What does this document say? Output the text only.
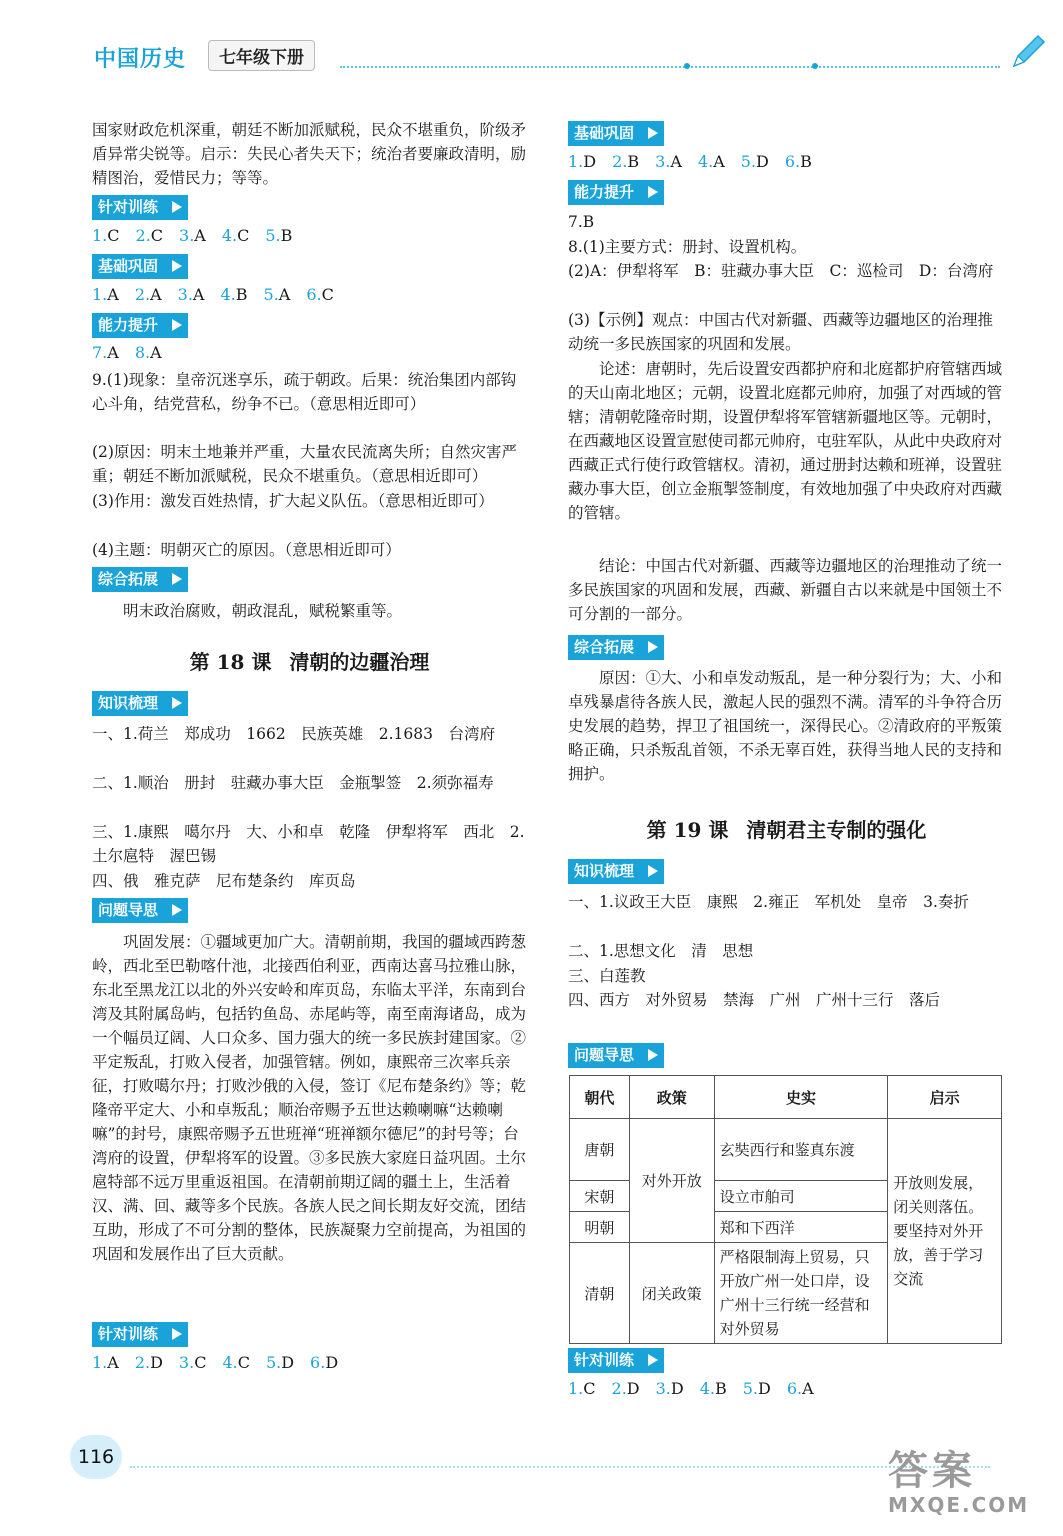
中国历史	七年级下册
国家财政危机深重，朝廷不断加派赋税，民众不堪重负，阶级矛盾异常尖锐等。启示：失民心者失天下；统治者要廉政清明，励精图治，爱惜民力；等等。
针对训练
1.C 2.C 3.A 4.C 5.B
基础巩固
1.A 2.A 3.A 4.B 5.A 6.C
能力提升
7.A 8.A
9.(1)现象：皇帝沉迷享乐，疏于朝政。后果：统治集团内部钩心斗角，结党营私，纷争不已。（意思相近即可）
(2)原因：明末土地兼并严重，大量农民流离失所；自然灾害严重；朝廷不断加派赋税，民众不堪重负。（意思相近即可）
(3)作用：激发百姓热情，扩大起义队伍。（意思相近即可）
(4)主题：明朝灭亡的原因。（意思相近即可）
综合拓展
明末政治腐败，朝政混乱，赋税繁重等。
第 18 课 清朝的边疆治理
知识梳理
一、1.荷兰　郑成功　1662　民族英雄　2.1683　台湾府
二、1.顺治　册封　驻藏办事大臣　金瓶掣签　2.须弥福寿
三、1.康熙　噶尔丹　大、小和卓　乾隆　伊犁将军　西北　2.土尔扈特　渥巴锡
四、俄　雅克萨　尼布楚条约　库页岛
问题导思
巩固发展：①疆域更加广大。清朝前期，我国的疆域西跨葱岭，西北至巴勒喀什池，北接西伯利亚，西南达喜马拉雅山脉，东北至黑龙江以北的外兴安岭和库页岛，东临太平洋，东南到台湾及其附属岛屿，包括钓鱼岛、赤尾屿等，南至南海诸岛，成为一个幅员辽阔、人口众多、国力强大的统一多民族封建国家。②平定叛乱，打败入侵者，加强管辖。例如，康熙帝三次率兵亲征，打败噶尔丹；打败沙俄的入侵，签订《尼布楚条约》等；乾隆帝平定大、小和卓叛乱；顺治帝赐予五世达赖喇嘛“达赖喇嘛”的封号，康熙帝赐予五世班禅“班禅额尔德尼”的封号等；台湾府的设置，伊犁将军的设置。③多民族大家庭日益巩固。土尔扈特部不远万里重返祖国。在清朝前期辽阔的疆土上，生活着汉、满、回、藏等多个民族。各族人民之间长期友好交流，团结互助，形成了不可分割的整体，民族凝聚力空前提高，为祖国的巩固和发展作出了巨大贡献。
针对训练
1.A 2.D 3.C 4.C 5.D 6.D
基础巩固
1.D 2.B 3.A 4.A 5.D 6.B
能力提升
7.B
8.(1)主要方式：册封、设置机构。
(2)A：伊犁将军　B：驻藏办事大臣　C：巡检司　D：台湾府
(3)【示例】观点：中国古代对新疆、西藏等边疆地区的治理推动统一多民族国家的巩固和发展。
论述：唐朝时，先后设置安西都护府和北庭都护府管辖西域的天山南北地区；元朝，设置北庭都元帅府，加强了对西域的管辖；清朝乾隆帝时期，设置伊犁将军管辖新疆地区等。元朝时，在西藏地区设置宣慰使司都元帅府，屯驻军队，从此中央政府对西藏正式行使行政管辖权。清初，通过册封达赖和班禅，设置驻藏办事大臣，创立金瓶掣签制度，有效地加强了中央政府对西藏的管辖。
结论：中国古代对新疆、西藏等边疆地区的治理推动了统一多民族国家的巩固和发展，西藏、新疆自古以来就是中国领土不可分割的一部分。
综合拓展
原因：①大、小和卓发动叛乱，是一种分裂行为；大、小和卓残暴虐待各族人民，激起人民的强烈不满。清军的斗争符合历史发展的趋势，捍卫了祖国统一，深得民心。②清政府的平叛策略正确，只杀叛乱首领，不杀无辜百姓，获得当地人民的支持和拥护。
第 19 课 清朝君主专制的强化
知识梳理
一、1.议政王大臣　康熙　2.雍正　军机处　皇帝　3.奏折
二、1.思想文化　清　思想
三、白莲教
四、西方　对外贸易　禁海　广州　广州十三行　落后
问题导思
朝代	政策	史实	启示
唐朝	对外开放	玄奘西行和鉴真东渡	开放则发展，闭关则落伍。要坚持对外开放，善于学习交流
宋朝		设立市舶司	
明朝		郑和下西洋	
清朝	闭关政策	严格限制海上贸易，只开放广州一处口岸，设广州十三行统一经营和对外贸易	
针对训练
1.C 2.D 3.D 4.B 5.D 6.A
116	答案
MXQE.COM
